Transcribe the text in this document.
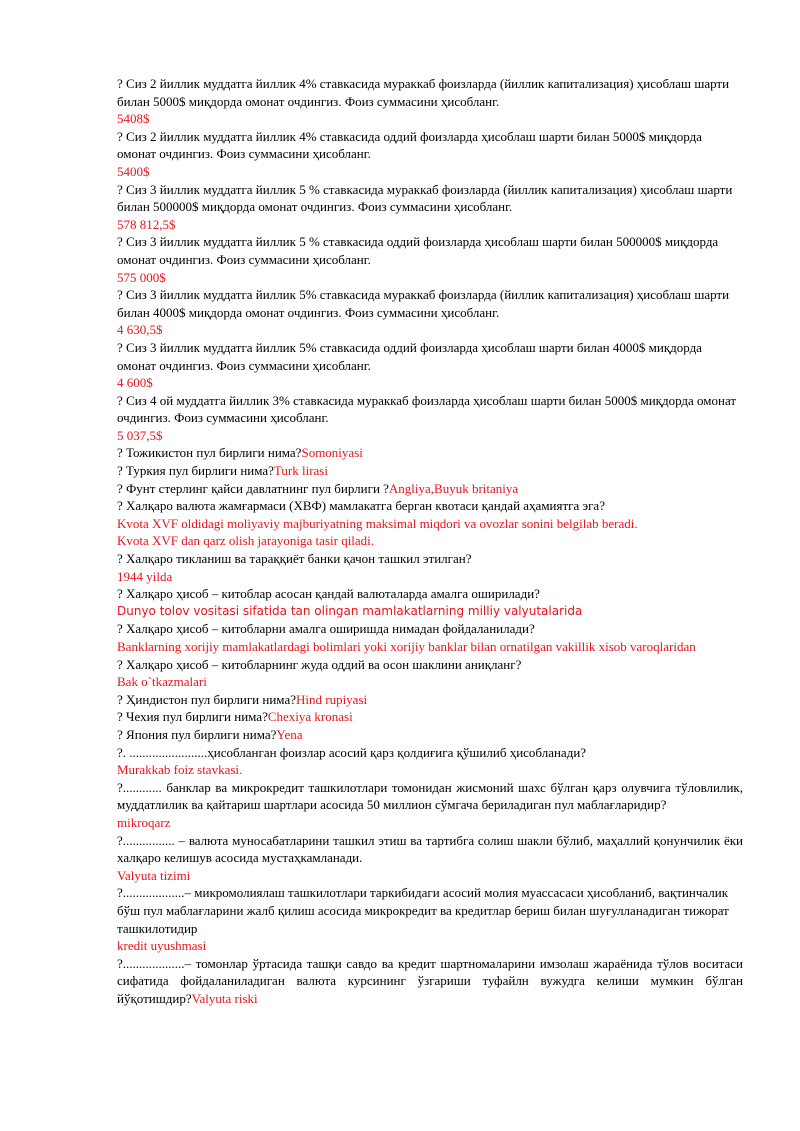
? Сиз 2 йиллик муддатга йиллик 4% ставкасида мураккаб фоизларда (йиллик капитализация) ҳисоблаш шарти билан 5000$ миқдорда омонат очдингиз. Фоиз суммасини ҳисобланг.

5408$

? Сиз 2 йиллик муддатга йиллик 4% ставкасида оддий фоизларда ҳисоблаш шарти билан 5000$ миқдорда омонат очдингиз. Фоиз суммасини ҳисобланг.

5400$

? Сиз 3 йиллик муддатга йиллик 5 % ставкасида мураккаб фоизларда (йиллик капитализация) ҳисоблаш шарти билан 500000$ миқдорда омонат очдингиз. Фоиз суммасини ҳисобланг.

578 812,5$

? Сиз 3 йиллик муддатга йиллик 5 % ставкасида оддий фоизларда ҳисоблаш шарти билан 500000$ миқдорда омонат очдингиз. Фоиз суммасини ҳисобланг.

575 000$

? Сиз 3 йиллик муддатга йиллик 5% ставкасида мураккаб фоизларда (йиллик капитализация) ҳисоблаш шарти билан 4000$ миқдорда омонат очдингиз. Фоиз суммасини ҳисобланг.

4 630,5$

? Сиз 3 йиллик муддатга йиллик 5% ставкасида оддий фоизларда ҳисоблаш шарти билан 4000$ миқдорда омонат очдингиз. Фоиз суммасини ҳисобланг.

4 600$

? Сиз 4 ой муддатга йиллик 3% ставкасида мураккаб фоизларда ҳисоблаш шарти билан 5000$ миқдорда омонат очдингиз. Фоиз суммасини ҳисобланг.

5 037,5$

? Тожикистон пул бирлиги нима?Somoniyasi

? Туркия пул бирлиги нима?Turk lirasi

? Фунт стерлинг қайси давлатнинг пул бирлиги ?Angliya,Buyuk britaniya

? Халқаро валюта жамғармаси (ХВФ) мамлакатга берган квотаси қандай аҳамиятга эга?

Kvota XVF oldidagi moliyaviy majburiyatning maksimal miqdori va ovozlar sonini belgilab beradi.

Kvota XVF dan qarz olish jarayoniga tasir qiladi.

? Халқаро тикланиш ва тараққиёт банки қачон ташкил этилган?

1944 yilda

? Халқаро ҳисоб – китоблар асосан қандай валюталарда амалга оширилади?

Dunyo tolov vositasi sifatida tan olingan mamlakatlarning milliy valyutalarida

? Халқаро ҳисоб – китобларни амалга оширишда нимадан фойдаланилади?

Banklarning xorijiy mamlakatlardagi bolimlari yoki xorijiy banklar bilan ornatilgan vakillik xisob varoqlaridan

? Халқаро ҳисоб – китобларнинг жуда оддий ва осон шаклини аниқланг?

Bak o`tkazmalari

? Ҳиндистон пул бирлиги нима?Hind rupiyasi

? Чехия пул бирлиги нима?Chexiya kronasi

? Япония пул бирлиги нима?Yena

?. ........................ҳисобланган фоизлар асосий қарз қолдиғига қўшилиб ҳисобланади?

Murakkab foiz stavkasi.

?............ банклар ва микрокредит ташкилотлари томонидан жисмоний шахс бўлган қарз олувчига тўловлилик, муддатлилик ва қайтариш шартлари асосида 50 миллион сўмгача бериладиган пул маблағларидир?

mikroqarz

?................ – валюта муносабатларини ташкил этиш ва тартибга солиш шакли бўлиб, маҳаллий қонунчилик ёки халқаро келишув асосида мустаҳкамланади.

Valyuta tizimi

?...................– микромолиялаш ташкилотлари таркибидаги асосий молия муассасаси ҳисобланиб, вақтинчалик бўш пул маблағларини жалб қилиш асосида микрокредит ва кредитлар бериш билан шуғулланадиган тижорат ташкилотидир

kredit uyushmasi

?...................– томонлар ўртасида ташқи савдо ва кредит шартномаларини имзолаш жараёнида тўлов воситаси сифатида фойдаланиладиган валюта курсининг ўзгариши туфайлн вужудга келиши мумкин бўлган йўқотишдир?Valyuta riski
